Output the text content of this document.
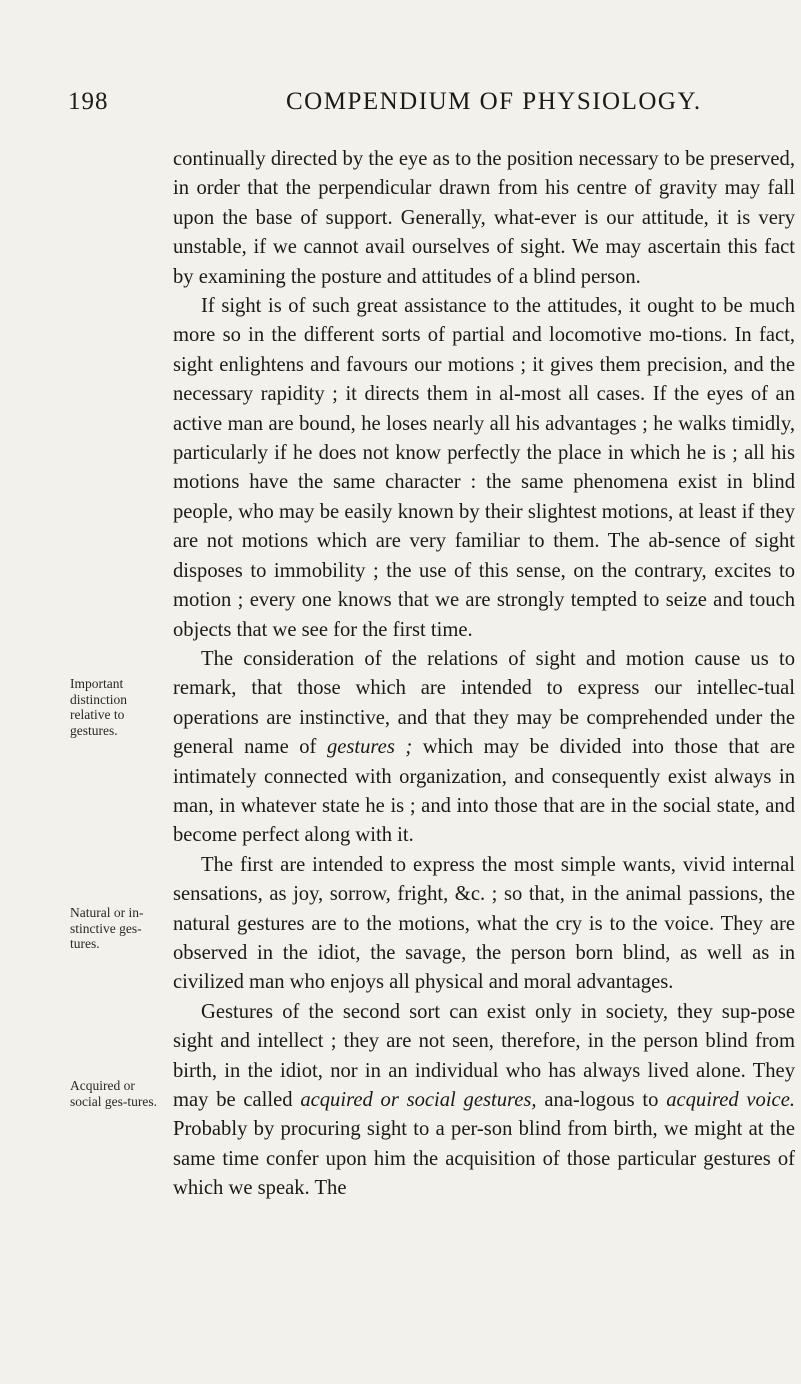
198	COMPENDIUM OF PHYSIOLOGY.
Important distinction relative to gestures.
Natural or in-stinctive ges-tures.
Acquired or social ges-tures.

continually directed by the eye as to the position necessary to be preserved, in order that the perpendicular drawn from his centre of gravity may fall upon the base of support. Generally, what-ever is our attitude, it is very unstable, if we cannot avail ourselves of sight. We may ascertain this fact by examining the posture and attitudes of a blind person.

If sight is of such great assistance to the attitudes, it ought to be much more so in the different sorts of partial and locomotive mo-tions. In fact, sight enlightens and favours our motions ; it gives them precision, and the necessary rapidity ; it directs them in al-most all cases. If the eyes of an active man are bound, he loses nearly all his advantages ; he walks timidly, particularly if he does not know perfectly the place in which he is ; all his motions have the same character : the same phenomena exist in blind people, who may be easily known by their slightest motions, at least if they are not motions which are very familiar to them. The ab-sence of sight disposes to immobility ; the use of this sense, on the contrary, excites to motion ; every one knows that we are strongly tempted to seize and touch objects that we see for the first time.

The consideration of the relations of sight and motion cause us to remark, that those which are intended to express our intellec-tual operations are instinctive, and that they may be comprehended under the general name of gestures ; which may be divided into those that are intimately connected with organization, and consequently exist always in man, in whatever state he is ; and into those that are in the social state, and become perfect along with it.

The first are intended to express the most simple wants, vivid internal sensations, as joy, sorrow, fright, &c. ; so that, in the animal passions, the natural gestures are to the motions, what the cry is to the voice. They are observed in the idiot, the savage, the person born blind, as well as in civilized man who enjoys all physical and moral advantages.

Gestures of the second sort can exist only in society, they sup-pose sight and intellect ; they are not seen, therefore, in the person blind from birth, in the idiot, nor in an individual who has always lived alone. They may be called acquired or social gestures, ana-logous to acquired voice. Probably by procuring sight to a per-son blind from birth, we might at the same time confer upon him the acquisition of those particular gestures of which we speak. The
